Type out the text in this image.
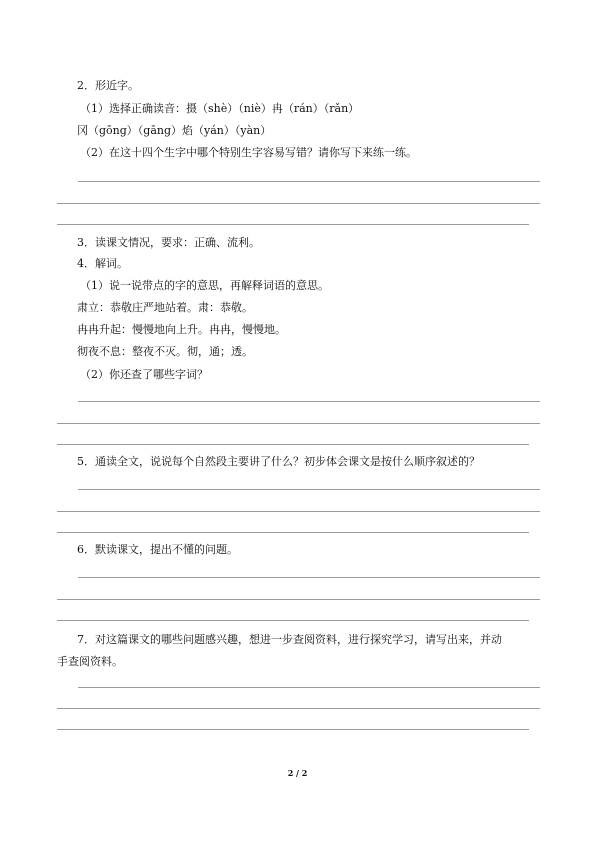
2．形近字。
（1）选择正确读音：摄（shè）（niè）冉（rán）（rǎn）
冈（gōng）（gāng）焰（yán）（yàn）
（2）在这十四个生字中哪个特别生字容易写错？请你写下来练一练。
3．读课文情况，要求：正确、流利。
4．解词。
（1）说一说带点的字的意思，再解释词语的意思。
肃立：恭敬庄严地站着。肃：恭敬。
冉冉升起：慢慢地向上升。冉冉，慢慢地。
彻夜不息：整夜不灭。彻，通；透。
（2）你还查了哪些字词？
5．通读全文，说说每个自然段主要讲了什么？初步体会课文是按什么顺序叙述的？
6．默读课文，提出不懂的问题。
7．对这篇课文的哪些问题感兴趣，想进一步查阅资料，进行探究学习，请写出来，并动
手查阅资料。
2 / 2
